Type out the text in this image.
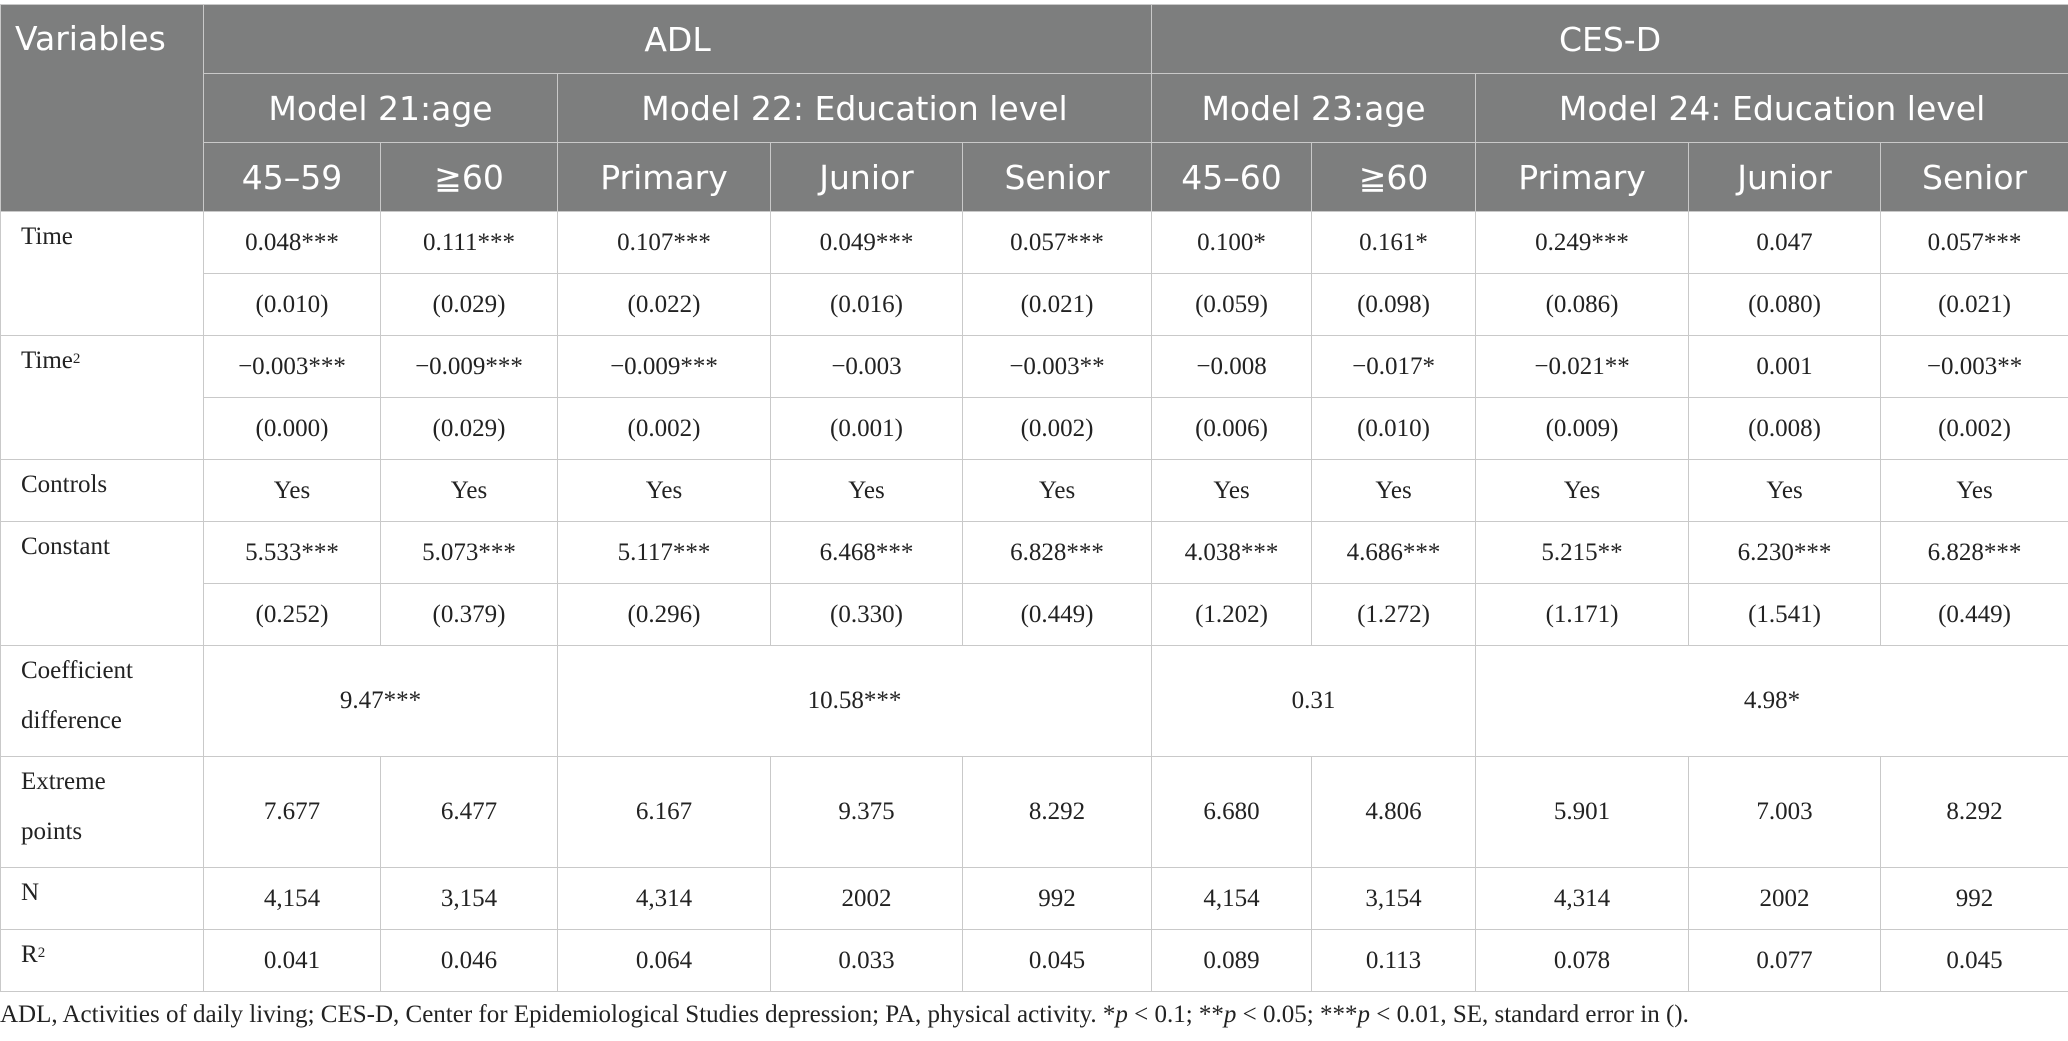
Variables	ADL					CES-D				
	Model 21:age		Model 22: Education level			Model 23:age		Model 24: Education level		
	45–59	≧60	Primary	Junior	Senior	45–60	≧60	Primary	Junior	Senior
Time	0.048***	0.111***	0.107***	0.049***	0.057***	0.100*	0.161*	0.249***	0.047	0.057***
	(0.010)	(0.029)	(0.022)	(0.016)	(0.021)	(0.059)	(0.098)	(0.086)	(0.080)	(0.021)
Time$^2$	−0.003***	−0.009***	−0.009***	−0.003	−0.003**	−0.008	−0.017*	−0.021**	0.001	−0.003**
	(0.000)	(0.029)	(0.002)	(0.001)	(0.002)	(0.006)	(0.010)	(0.009)	(0.008)	(0.002)
Controls	Yes	Yes	Yes	Yes	Yes	Yes	Yes	Yes	Yes	Yes
Constant	5.533***	5.073***	5.117***	6.468***	6.828***	4.038***	4.686***	5.215**	6.230***	6.828***
	(0.252)	(0.379)	(0.296)	(0.330)	(0.449)	(1.202)	(1.272)	(1.171)	(1.541)	(0.449)
Coefficient
difference	9.47***		10.58***			0.31		4.98*		
Extreme
points	7.677	6.477	6.167	9.375	8.292	6.680	4.806	5.901	7.003	8.292
N	4,154	3,154	4,314	2002	992	4,154	3,154	4,314	2002	992
$R^2$	0.041	0.046	0.064	0.033	0.045	0.089	0.113	0.078	0.077	0.045
ADL, Activities of daily living; CES-D, Center for Epidemiological Studies depression; PA, physical activity. *p < 0.1; **p < 0.05; ***p < 0.01, SE, standard error in ().
